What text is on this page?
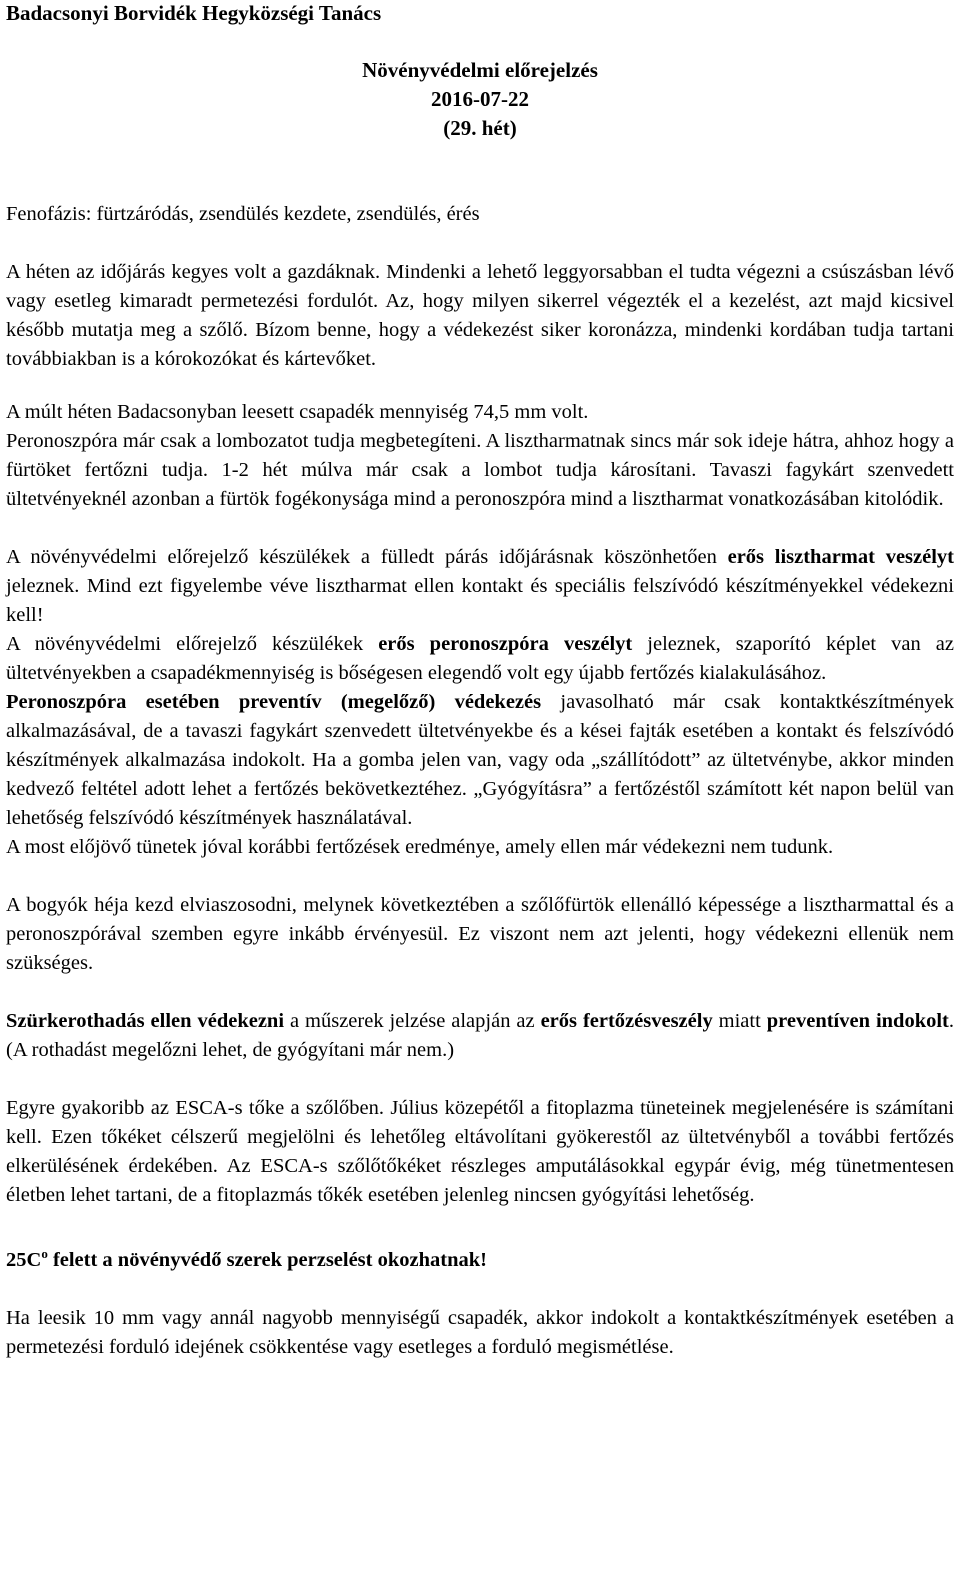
Badacsonyi Borvidék Hegyközségi Tanács

Növényvédelmi előrejelzés
2016-07-22
(29. hét)

Fenofázis: fürtzáródás, zsendülés kezdete, zsendülés, érés

A héten az időjárás kegyes volt a gazdáknak. Mindenki a lehető leggyorsabban el tudta végezni a csúszásban lévő vagy esetleg kimaradt permetezési fordulót. Az, hogy milyen sikerrel végezték el a kezelést, azt majd kicsivel később mutatja meg a szőlő. Bízom benne, hogy a védekezést siker koronázza, mindenki kordában tudja tartani továbbiakban is a kórokozókat és kártevőket.

A múlt héten Badacsonyban leesett csapadék mennyiség 74,5 mm volt.

Peronoszpóra már csak a lombozatot tudja megbetegíteni. A lisztharmatnak sincs már sok ideje hátra, ahhoz hogy a fürtöket fertőzni tudja. 1-2 hét múlva már csak a lombot tudja károsítani. Tavaszi fagykárt szenvedett ültetvényeknél azonban a fürtök fogékonysága mind a peronoszpóra mind a lisztharmat vonatkozásában kitolódik.

A növényvédelmi előrejelző készülékek a fülledt párás időjárásnak köszönhetően erős lisztharmat veszélyt jeleznek. Mind ezt figyelembe véve lisztharmat ellen kontakt és speciális felszívódó készítményekkel védekezni kell!

A növényvédelmi előrejelző készülékek erős peronoszpóra veszélyt jeleznek, szaporító képlet van az ültetvényekben a csapadékmennyiség is bőségesen elegendő volt egy újabb fertőzés kialakulásához.

Peronoszpóra esetében preventív (megelőző) védekezés javasolható már csak kontaktkészítmények alkalmazásával, de a tavaszi fagykárt szenvedett ültetvényekbe és a kései fajták esetében a kontakt és felszívódó készítmények alkalmazása indokolt. Ha a gomba jelen van, vagy oda „szállítódott” az ültetvénybe, akkor minden kedvező feltétel adott lehet a fertőzés bekövetkeztéhez. „Gyógyításra” a fertőzéstől számított két napon belül van lehetőség felszívódó készítmények használatával.

A most előjövő tünetek jóval korábbi fertőzések eredménye, amely ellen már védekezni nem tudunk.

A bogyók héja kezd elviaszosodni, melynek következtében a szőlőfürtök ellenálló képessége a lisztharmattal és a peronoszpórával szemben egyre inkább érvényesül. Ez viszont nem azt jelenti, hogy védekezni ellenük nem szükséges.

Szürkerothadás ellen védekezni a műszerek jelzése alapján az erős fertőzésveszély miatt preventíven indokolt. (A rothadást megelőzni lehet, de gyógyítani már nem.)

Egyre gyakoribb az ESCA-s tőke a szőlőben. Július közepétől a fitoplazma tüneteinek megjelenésére is számítani kell. Ezen tőkéket célszerű megjelölni és lehetőleg eltávolítani gyökerestől az ültetvényből a további fertőzés elkerülésének érdekében. Az ESCA-s szőlőtőkéket részleges amputálásokkal egypár évig, még tünetmentesen életben lehet tartani, de a fitoplazmás tőkék esetében jelenleg nincsen gyógyítási lehetőség.

$25C^o$ felett a növényvédő szerek perzselést okozhatnak!

Ha leesik 10 mm vagy annál nagyobb mennyiségű csapadék, akkor indokolt a kontaktkészítmények esetében a permetezési forduló idejének csökkentése vagy esetleges a forduló megismétlése.
